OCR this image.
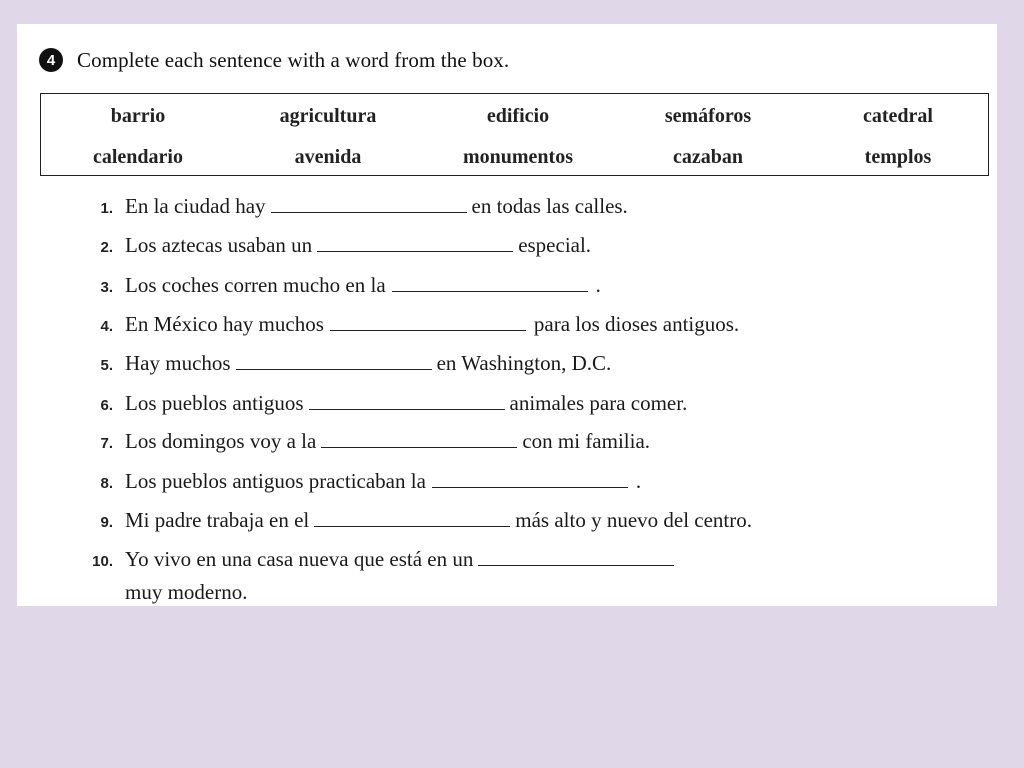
4	Complete each sentence with a word from the box.
barrio	agricultura	edificio	semáforos	catedral
calendario	avenida	monumentos	cazaban	templos
1. En la ciudad hay	en todas las calles.
2. Los aztecas usaban un	especial.
3. Los coches corren mucho en la	.
4. En México hay muchos	para los dioses antiguos.
5. Hay muchos	en Washington, D.C.
6. Los pueblos antiguos	animales para comer.
7. Los domingos voy a la	con mi familia.
8. Los pueblos antiguos practicaban la	.
9. Mi padre trabaja en el	más alto y nuevo del centro.
10. Yo vivo en una casa nueva que está en un
muy moderno.
